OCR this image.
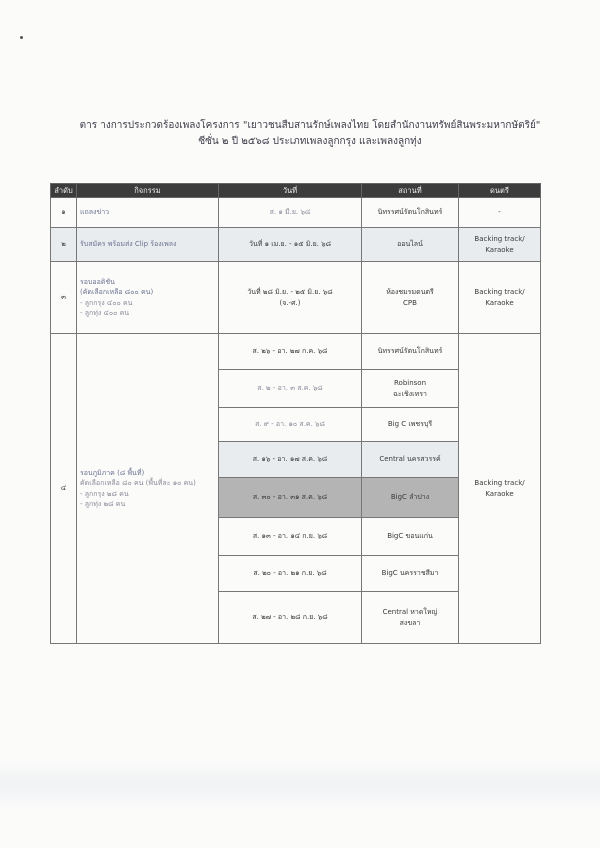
ตาร างการประกวดร้องเพลงโครงการ "เยาวชนสืบสานรักษ์เพลงไทย โดยสำนักงานทรัพย์สินพระมหากษัตริย์"
ซีซั่น ๒ ปี ๒๕๖๘ ประเภทเพลงลูกกรุง และเพลงลูกทุ่ง
ลำดับ	กิจกรรม	วันที่	สถานที่	ดนตรี
๑	แถลงข่าว	ส. ๑ มี.ย. ๖๘	นิทรรศน์รัตนโกสินทร์	-
๒	รับสมัคร พร้อมส่ง Clip ร้องเพลง	วันที่ ๑ เม.ย. - ๑๕ มิ.ย. ๖๘	ออนไลน์	Backing track/ Karaoke
๓	รอบออดิชัน
(คัดเลือกเหลือ ๘๐๐ คน)
- ลูกกรุง ๔๐๐ คน
- ลูกทุ่ง ๔๐๐ คน	วันที่ ๒๘ มิ.ย. - ๒๕ มิ.ย. ๖๘
(จ.-ศ.)	ห้องชมรมดนตรี
CPB	Backing track/ Karaoke
๔	รอบภูมิภาค (๘ พื้นที่)
คัดเลือกเหลือ ๘๐ คน (พื้นที่ละ ๑๐ คน)
- ลูกกรุง ๒๘ คน
- ลูกทุ่ง ๒๘ คน	ส. ๒๖ - อา. ๒๗ ก.ค. ๖๘	นิทรรศน์รัตนโกสินทร์	Backing track/ Karaoke
		ส. ๒ - อา. ๓ ส.ค. ๖๘	Robinson
ฉะเชิงเทรา	

		ส. ๙ - อา. ๑๐ ส.ค. ๖๘	Big C เพชรบุรี	

		ส. ๑๖ - อา. ๑๗ ส.ค. ๖๘	Central นครสวรรค์	

		ส. ๓๐ - อา. ๓๑ ส.ค. ๖๘	BigC ลำปาง	

		ส. ๑๓ - อา. ๑๔ ก.ย. ๖๘	BigC ขอนแก่น	

		ส. ๒๐ - อา. ๒๑ ก.ย. ๖๘	BigC นครราชสีมา	

		ส. ๒๗ - อา. ๒๘ ก.ย. ๖๘	Central หาดใหญ่
สงขลา	
